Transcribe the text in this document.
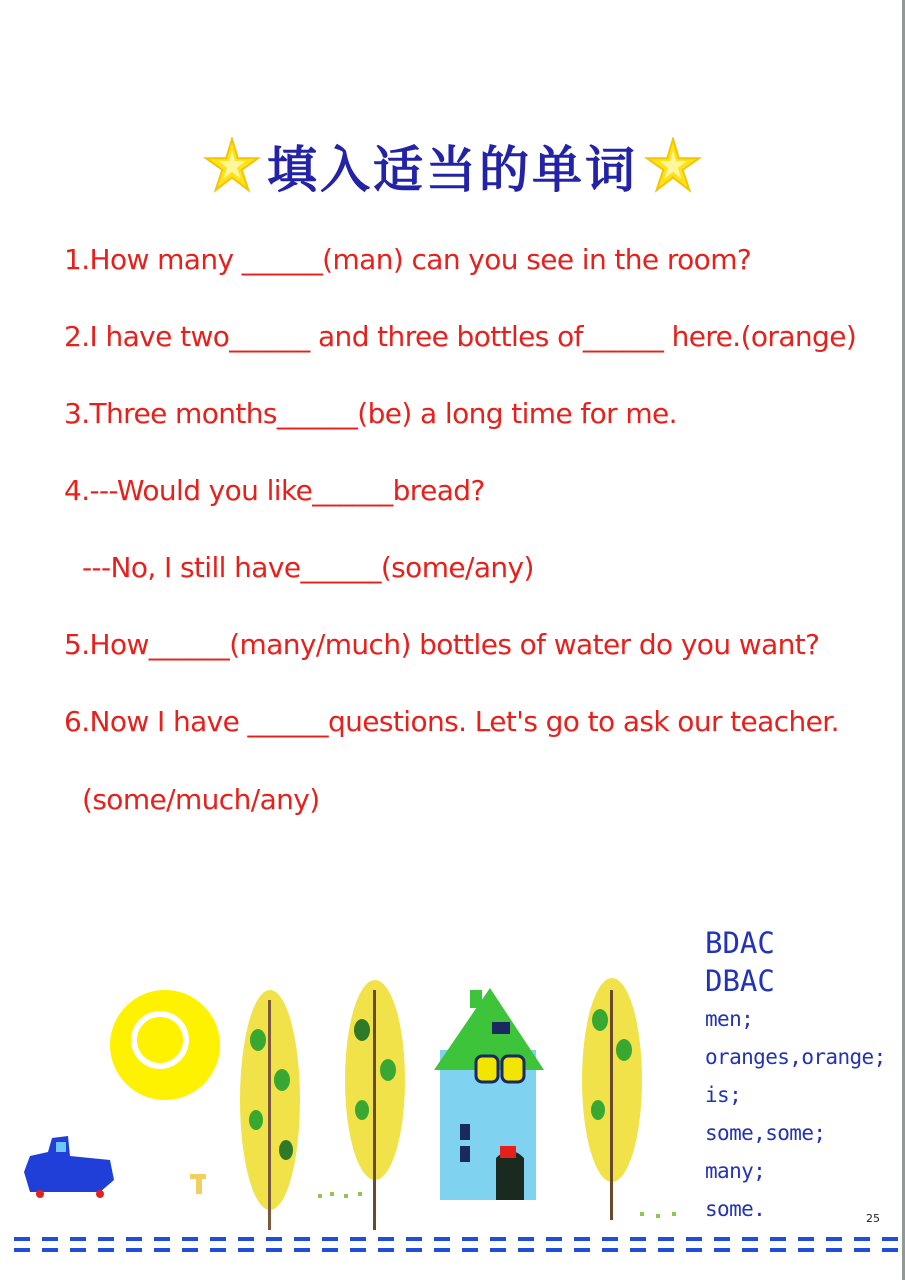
填入适当的单词
1.How many ______(man) can you see in the room?
2.I have two______ and three bottles of______ here.(orange)
3.Three months______(be) a long time for me.
4.---Would you like______bread?
---No, I still have______(some/any)
5.How______(many/much) bottles of water do you want?
6.Now I have ______questions. Let's go to ask our teacher.
(some/much/any)
BDAC
DBAC
men;
oranges,orange;
is;
some,some;
many;
some.	25
